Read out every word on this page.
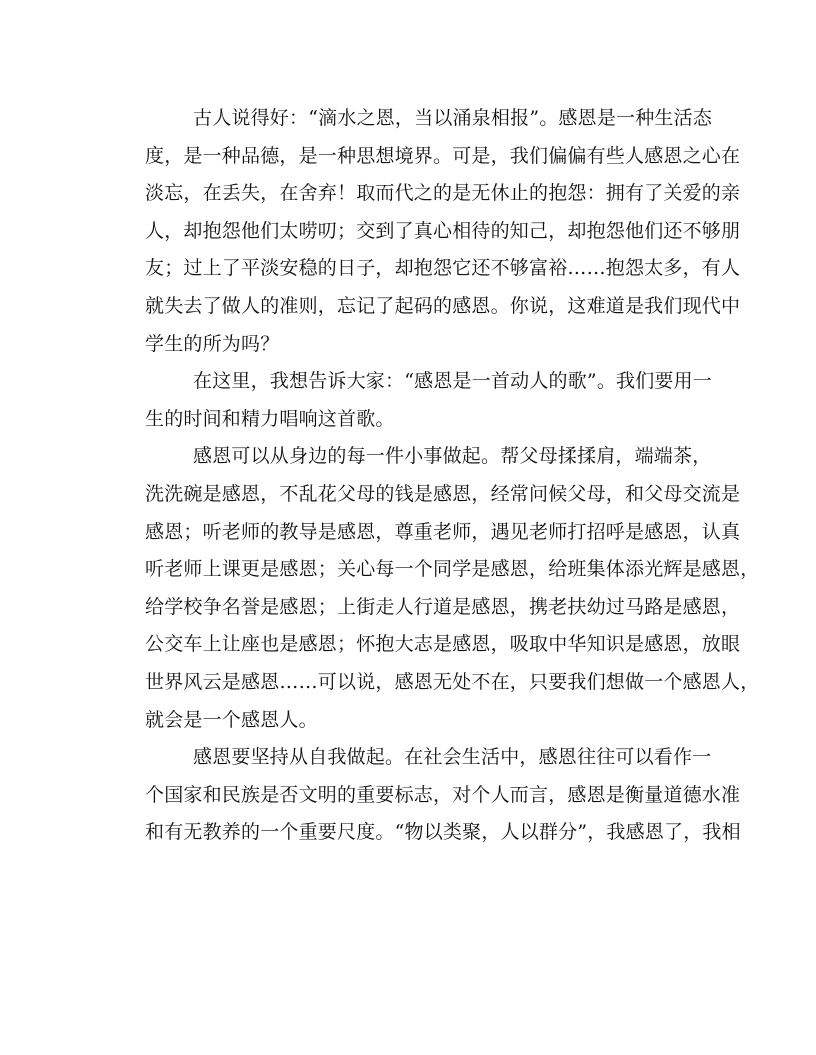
古人说得好：“滴水之恩，当以涌泉相报”。感恩是一种生活态
度，是一种品德，是一种思想境界。可是，我们偏偏有些人感恩之心在
淡忘，在丢失，在舍弃！取而代之的是无休止的抱怨：拥有了关爱的亲
人，却抱怨他们太唠叨；交到了真心相待的知己，却抱怨他们还不够朋
友；过上了平淡安稳的日子，却抱怨它还不够富裕……抱怨太多，有人
就失去了做人的准则，忘记了起码的感恩。你说，这难道是我们现代中
学生的所为吗？
在这里，我想告诉大家：“感恩是一首动人的歌”。我们要用一
生的时间和精力唱响这首歌。
感恩可以从身边的每一件小事做起。帮父母揉揉肩，端端茶，
洗洗碗是感恩，不乱花父母的钱是感恩，经常问候父母，和父母交流是
感恩；听老师的教导是感恩，尊重老师，遇见老师打招呼是感恩，认真
听老师上课更是感恩；关心每一个同学是感恩，给班集体添光辉是感恩，
给学校争名誉是感恩；上街走人行道是感恩，携老扶幼过马路是感恩，
公交车上让座也是感恩；怀抱大志是感恩，吸取中华知识是感恩，放眼
世界风云是感恩……可以说，感恩无处不在，只要我们想做一个感恩人，
就会是一个感恩人。
感恩要坚持从自我做起。在社会生活中，感恩往往可以看作一
个国家和民族是否文明的重要标志，对个人而言，感恩是衡量道德水准
和有无教养的一个重要尺度。“物以类聚，人以群分”，我感恩了，我相
